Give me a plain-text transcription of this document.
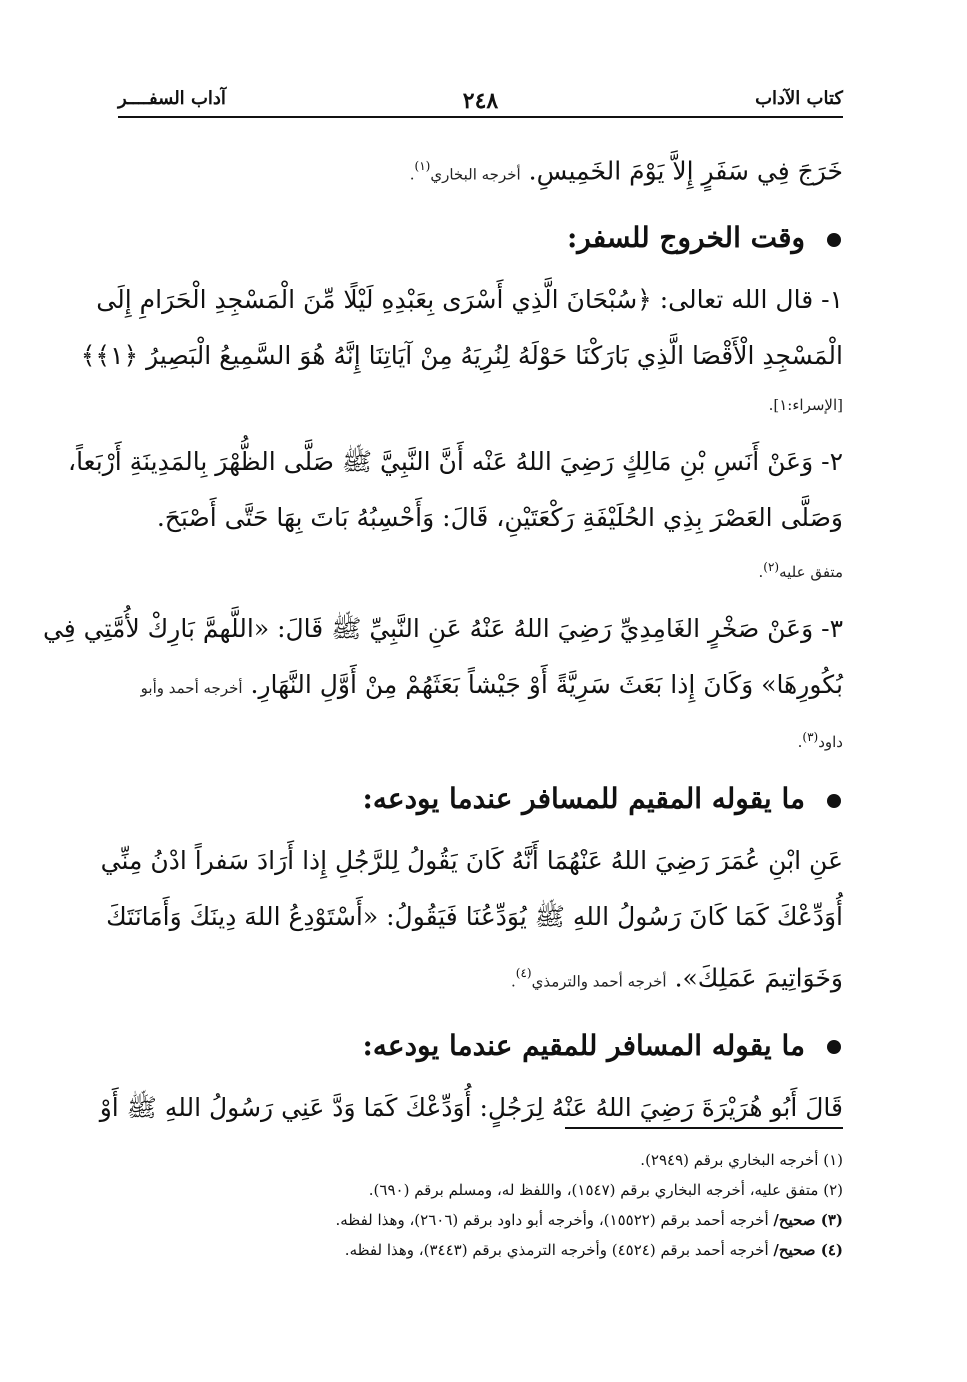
كتاب الآداب
٢٤٨
آداب السفــــر
خَرَجَ فِي سَفَرٍ إِلاَّ يَوْمَ الخَمِيسِ. أخرجه البخاري$^{(١)}$.
وقت الخروج للسفر:
١- قال الله تعالى: ﴿سُبْحَانَ الَّذِي أَسْرَى بِعَبْدِهِ لَيْلًا مِّنَ الْمَسْجِدِ الْحَرَامِ إِلَى
الْمَسْجِدِ الْأَقْصَا الَّذِي بَارَكْنَا حَوْلَهُ لِنُرِيَهُ مِنْ آيَاتِنَا إِنَّهُ هُوَ السَّمِيعُ الْبَصِيرُ ﴿١﴾﴾
[الإسراء:١].
٢- وَعَنْ أَنَسِ بْنِ مَالِكٍ رَضِيَ اللهُ عَنْه أَنَّ النَّبِيَّ ﷺ صَلَّى الظُّهْرَ بِالمَدِينَةِ أَرْبَعاً،
وَصَلَّى العَصْرَ بِذِي الحُلَيْفَةِ رَكْعَتَيْنِ، قَالَ: وَأَحْسِبُهُ بَاتَ بِهَا حَتَّى أَصْبَحَ.
متفق عليه$^{(٢)}$.
٣- وَعَنْ صَخْرٍ الغَامِدِيِّ رَضِيَ اللهُ عَنْهُ عَنِ النَّبِيِّ ﷺ قَالَ: «اللَّهمَّ بَارِكْ لأُمَّتِي فِي
بُكُورِهَا» وَكَانَ إِذا بَعَثَ سَرِيَّةً أَوْ جَيْشاً بَعَثَهُمْ مِنْ أَوَّلِ النَّهَارِ. أخرجه أحمد وأبو
داود$^{(٣)}$.
ما يقوله المقيم للمسافر عندما يودعه:
عَنِ ابْنِ عُمَرَ رَضِيَ اللهُ عَنْهُمَا أَنَّهُ كَانَ يَقُولُ لِلرَّجُلِ إِذا أَرَادَ سَفراً ادْنُ مِنِّي
أُوَدِّعْكَ كَمَا كَانَ رَسُولُ اللهِ ﷺ يُوَدِّعُنَا فَيَقُولُ: «أَسْتَوْدِعُ اللهَ دِينَكَ وَأَمَانَتَكَ
وَخَوَاتِيمَ عَمَلِكَ». أخرجه أحمد والترمذي$^{(٤)}$.
ما يقوله المسافر للمقيم عندما يودعه:
قَالَ أَبُو هُرَيْرَةَ رَضِيَ اللهُ عَنْهُ لِرَجُلٍ: أُوَدِّعْكَ كَمَا وَدَّ عَنِي رَسُولُ اللهِ ﷺ أَوْ
(١) أخرجه البخاري برقم (٢٩٤٩).
(٢) متفق عليه، أخرجه البخاري برقم (١٥٤٧)، واللفظ له، ومسلم برقم (٦٩٠).
(٣) صحيح/ أخرجه أحمد برقم (١٥٥٢٢)، وأخرجه أبو داود برقم (٢٦٠٦)، وهذا لفظه.
(٤) صحيح/ أخرجه أحمد برقم (٤٥٢٤) وأخرجه الترمذي برقم (٣٤٤٣)، وهذا لفظه.
